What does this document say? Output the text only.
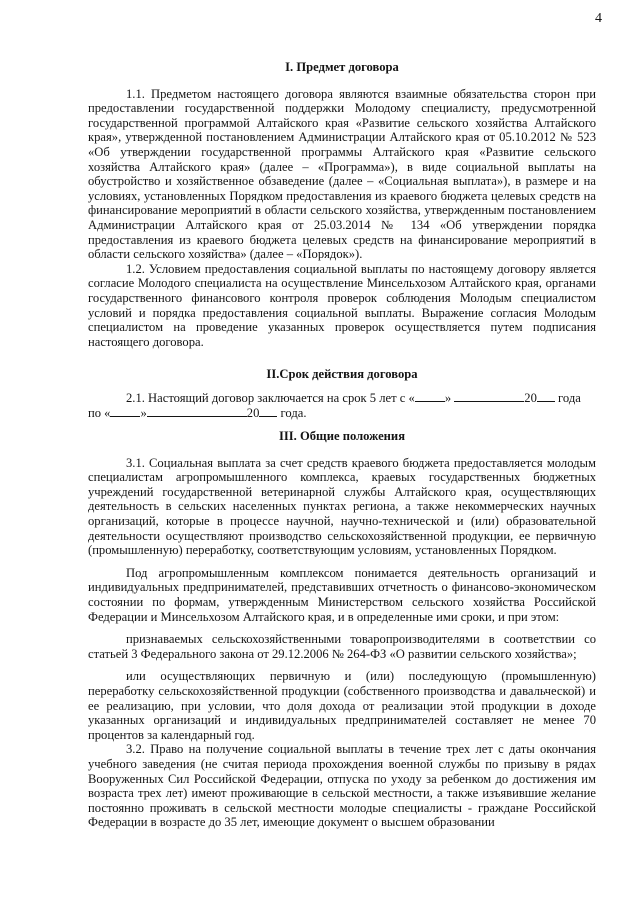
4

I. Предмет договора

1.1. Предметом настоящего договора являются взаимные обязательства сторон при предоставлении государственной поддержки Молодому специалисту, предусмотренной государственной программой Алтайского края «Развитие сельского хозяйства Алтайского края», утвержденной постановлением Администрации Алтайского края от 05.10.2012 № 523 «Об утверждении государственной программы Алтайского края «Развитие сельского хозяйства Алтайского края» (далее – «Программа»), в виде социальной выплаты на обустройство и хозяйственное обзаведение (далее – «Социальная выплата»), в размере и на условиях, установленных Порядком предоставления из краевого бюджета целевых средств на финансирование мероприятий в области сельского хозяйства, утвержденным постановлением Администрации Алтайского края от 25.03.2014 № 134 «Об утверждении порядка предоставления из краевого бюджета целевых средств на финансирование мероприятий в области сельского хозяйства» (далее – «Порядок»).

1.2. Условием предоставления социальной выплаты по настоящему договору является согласие Молодого специалиста на осуществление Минсельхозом Алтайского края, органами государственного финансового контроля проверок соблюдения Молодым специалистом условий и порядка предоставления социальной выплаты. Выражение согласия Молодым специалистом на проведение указанных проверок осуществляется путем подписания настоящего договора.

II.Срок действия договора

2.1. Настоящий договор заключается на срок 5 лет с « »	20 года

по « »	20 года.

III. Общие положения

3.1. Социальная выплата за счет средств краевого бюджета предоставляется молодым специалистам агропромышленного комплекса, краевых государственных бюджетных учреждений государственной ветеринарной службы Алтайского края, осуществляющих деятельность в сельских населенных пунктах региона, а также некоммерческих научных организаций, которые в процессе научной, научно-технической и (или) образовательной деятельности осуществляют производство сельскохозяйственной продукции, ее первичную (промышленную) переработку, соответствующим условиям, установленных Порядком.

Под агропромышленным комплексом понимается деятельность организаций и индивидуальных предпринимателей, представивших отчетность о финансово-экономическом состоянии по формам, утвержденным Министерством сельского хозяйства Российской Федерации и Минсельхозом Алтайского края, и в определенные ими сроки, и при этом:

признаваемых сельскохозяйственными товаропроизводителями в соответствии со статьей 3 Федерального закона от 29.12.2006 № 264-ФЗ «О развитии сельского хозяйства»;

или осуществляющих первичную и (или) последующую (промышленную) переработку сельскохозяйственной продукции (собственного производства и давальческой) и ее реализацию, при условии, что доля дохода от реализации этой продукции в доходе указанных организаций и индивидуальных предпринимателей составляет не менее 70 процентов за календарный год.

3.2. Право на получение социальной выплаты в течение трех лет с даты окончания учебного заведения (не считая периода прохождения военной службы по призыву в рядах Вооруженных Сил Российской Федерации, отпуска по уходу за ребенком до достижения им возраста трех лет) имеют проживающие в сельской местности, а также изъявившие желание постоянно проживать в сельской местности молодые специалисты - граждане Российской Федерации в возрасте до 35 лет, имеющие документ о высшем образовании
